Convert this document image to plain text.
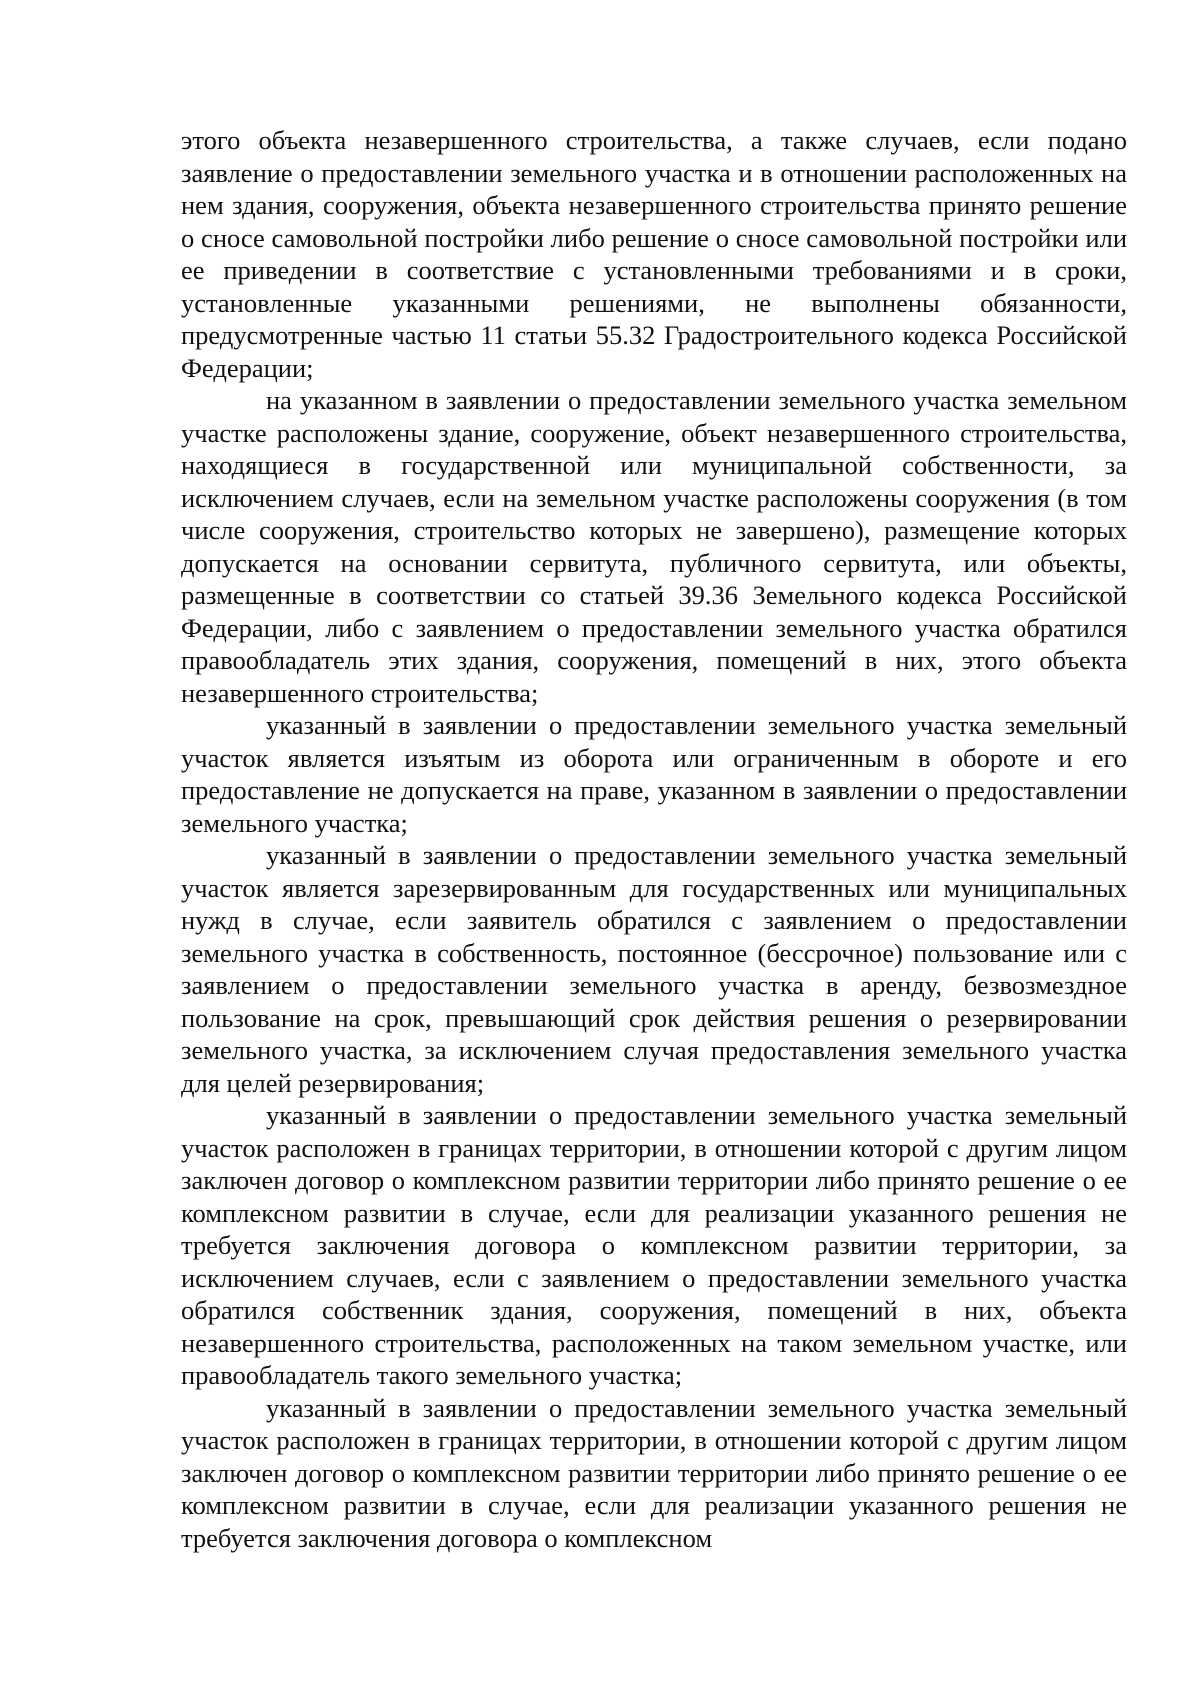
этого объекта незавершенного строительства, а также случаев, если подано заявление о предоставлении земельного участка и в отношении расположенных на нем здания, сооружения, объекта незавершенного строительства принято решение о сносе самовольной постройки либо решение о сносе самовольной постройки или ее приведении в соответствие с установленными требованиями и в сроки, установленные указанными решениями, не выполнены обязанности, предусмотренные частью 11 статьи 55.32 Градостроительного кодекса Российской Федерации;

на указанном в заявлении о предоставлении земельного участка земельном участке расположены здание, сооружение, объект незавершенного строительства, находящиеся в государственной или муниципальной собственности, за исключением случаев, если на земельном участке расположены сооружения (в том числе сооружения, строительство которых не завершено), размещение которых допускается на основании сервитута, публичного сервитута, или объекты, размещенные в соответствии со статьей 39.36 Земельного кодекса Российской Федерации, либо с заявлением о предоставлении земельного участка обратился правообладатель этих здания, сооружения, помещений в них, этого объекта незавершенного строительства;

указанный в заявлении о предоставлении земельного участка земельный участок является изъятым из оборота или ограниченным в обороте и его предоставление не допускается на праве, указанном в заявлении о предоставлении земельного участка;

указанный в заявлении о предоставлении земельного участка земельный участок является зарезервированным для государственных или муниципальных нужд в случае, если заявитель обратился с заявлением о предоставлении земельного участка в собственность, постоянное (бессрочное) пользование или с заявлением о предоставлении земельного участка в аренду, безвозмездное пользование на срок, превышающий срок действия решения о резервировании земельного участка, за исключением случая предоставления земельного участка для целей резервирования;

указанный в заявлении о предоставлении земельного участка земельный участок расположен в границах территории, в отношении которой с другим лицом заключен договор о комплексном развитии территории либо принято решение о ее комплексном развитии в случае, если для реализации указанного решения не требуется заключения договора о комплексном развитии территории, за исключением случаев, если с заявлением о предоставлении земельного участка обратился собственник здания, сооружения, помещений в них, объекта незавершенного строительства, расположенных на таком земельном участке, или правообладатель такого земельного участка;

указанный в заявлении о предоставлении земельного участка земельный участок расположен в границах территории, в отношении которой с другим лицом заключен договор о комплексном развитии территории либо принято решение о ее комплексном развитии в случае, если для реализации указанного решения не требуется заключения договора о комплексном
